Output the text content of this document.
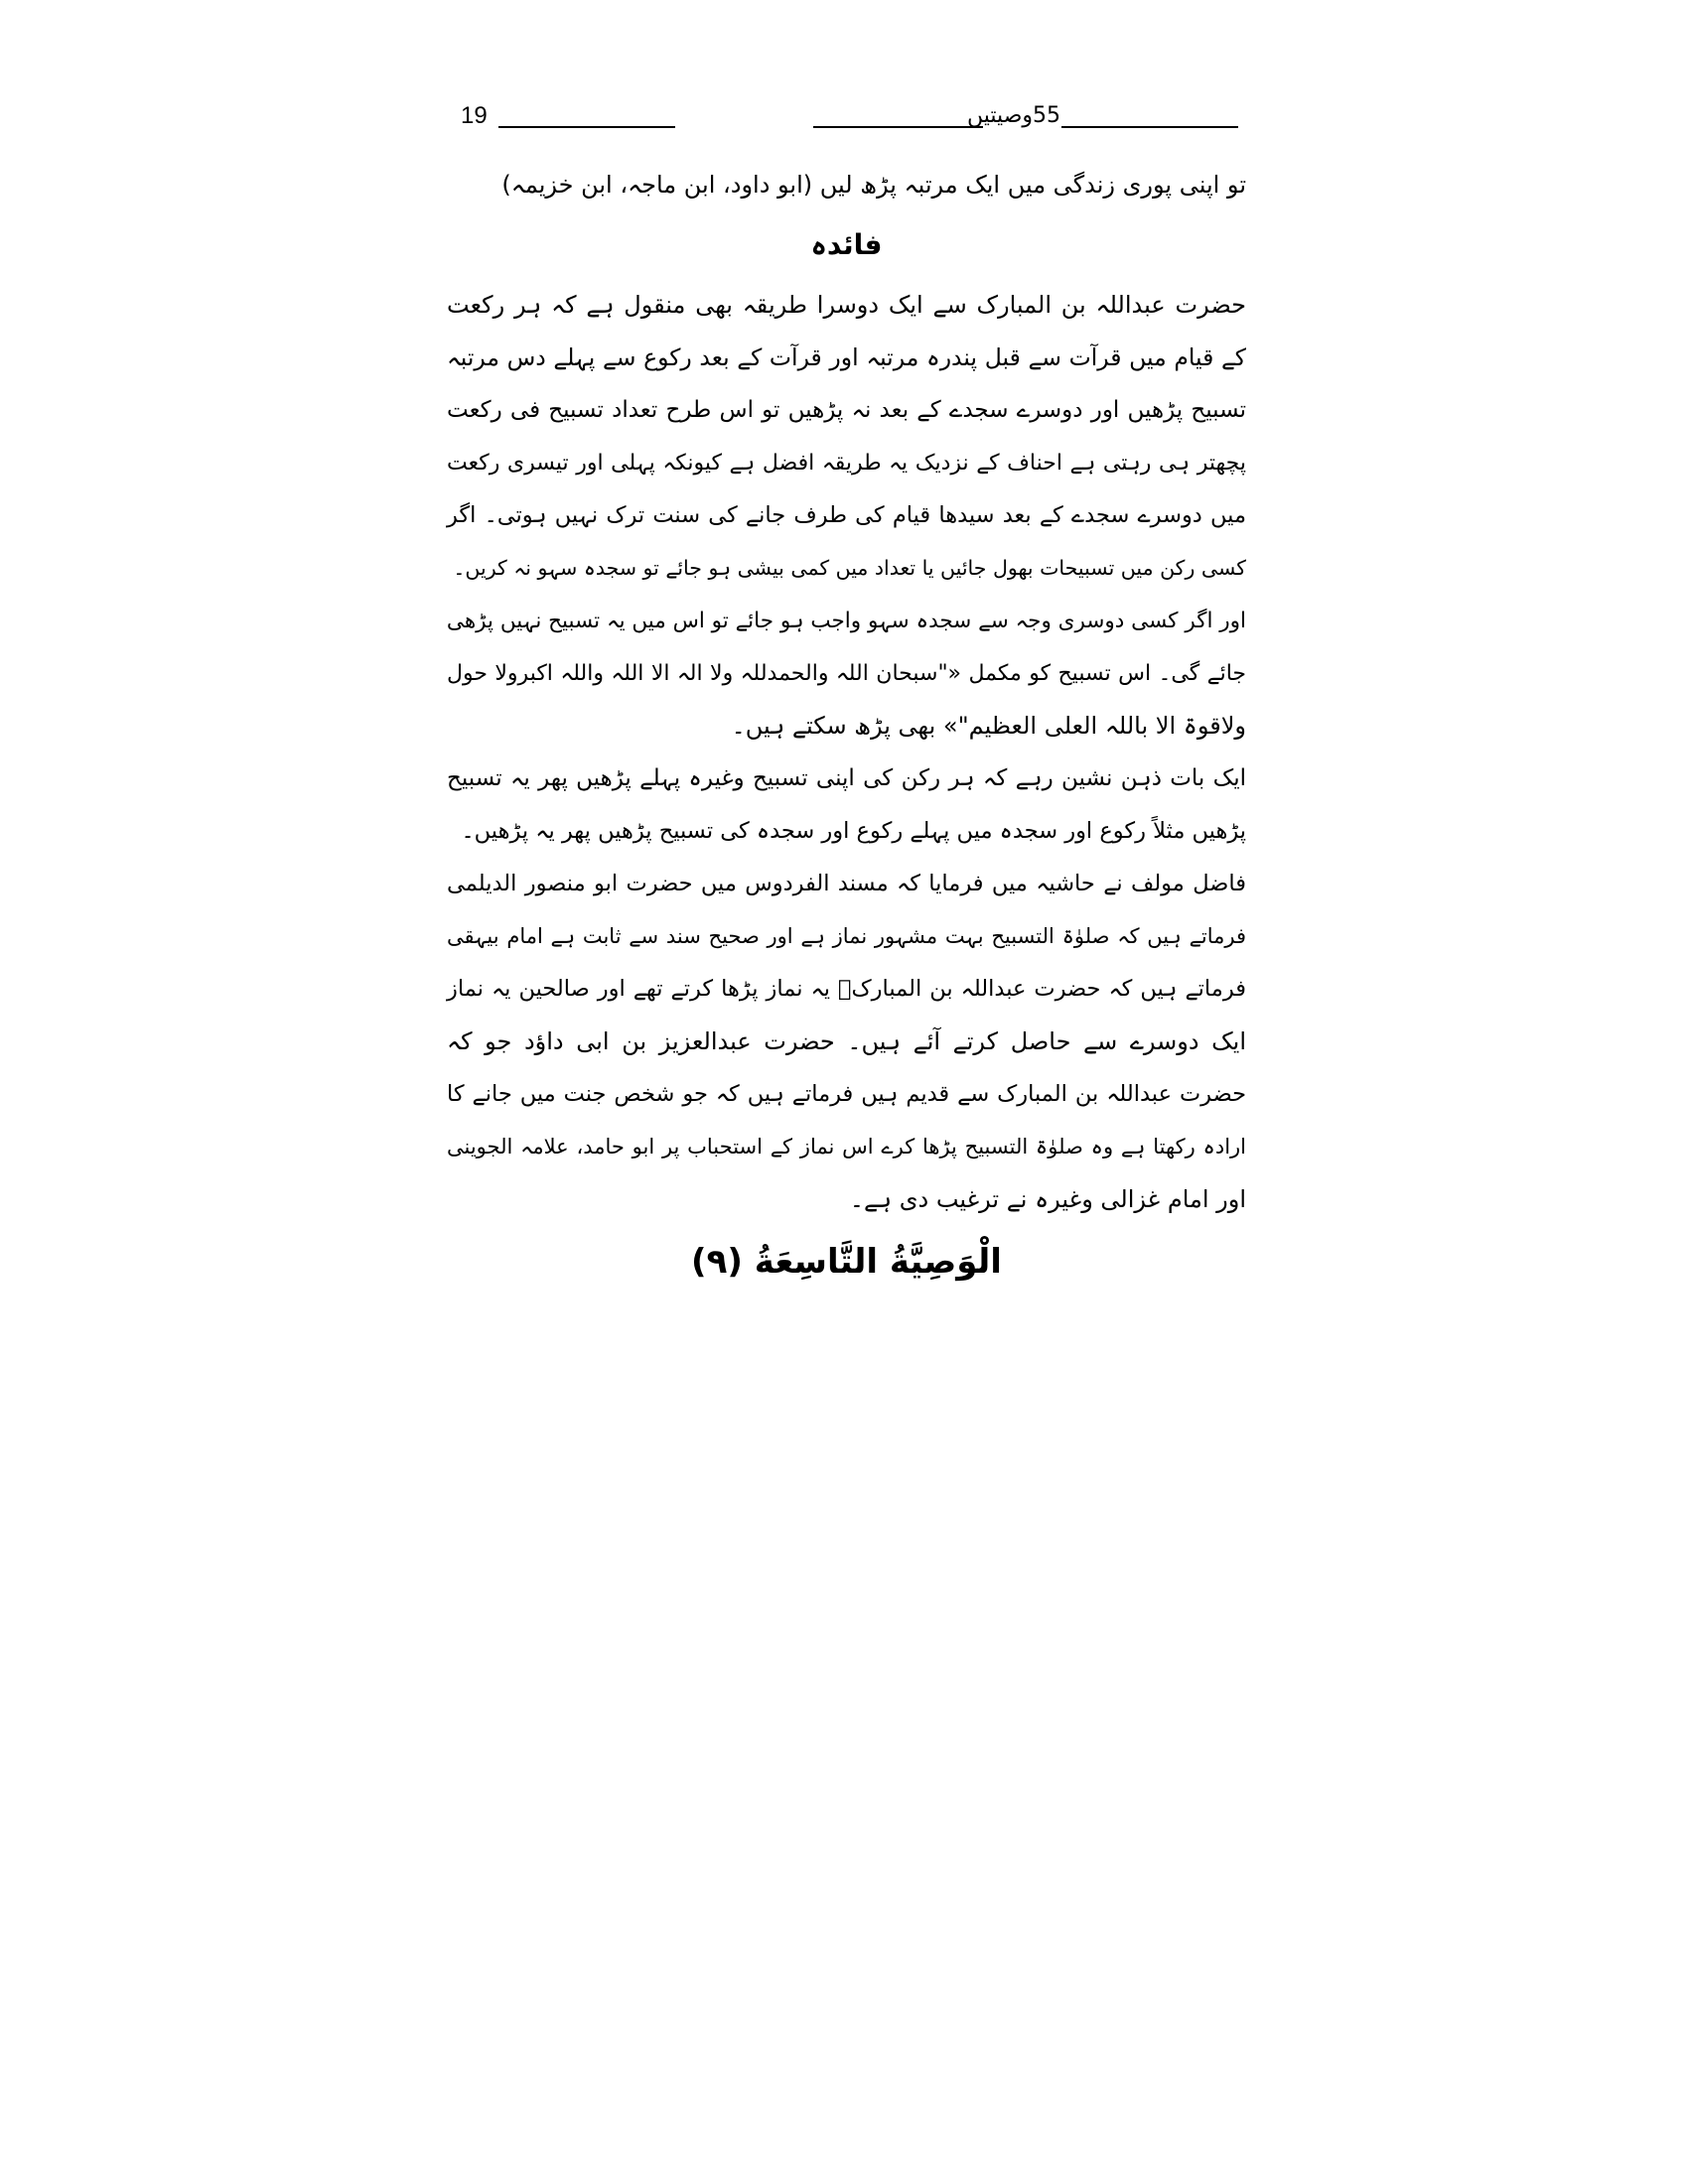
19	55وصیتیں
تو اپنی پوری زندگی میں ایک مرتبہ پڑھ لیں (ابو داود، ابن ماجہ، ابن خزیمہ)
فائدہ
حضرت عبداللہ بن المبارک سے ایک دوسرا طریقہ بھی منقول ہے کہ ہر رکعت
کے قیام میں قرآت سے قبل پندرہ مرتبہ اور قرآت کے بعد رکوع سے پہلے دس مرتبہ
تسبیح پڑھیں اور دوسرے سجدے کے بعد نہ پڑھیں تو اس طرح تعداد تسبیح فی رکعت
پچھتر ہی رہتی ہے احناف کے نزدیک یہ طریقہ افضل ہے کیونکہ پہلی اور تیسری رکعت
میں دوسرے سجدے کے بعد سیدھا قیام کی طرف جانے کی سنت ترک نہیں ہوتی۔ اگر
کسی رکن میں تسبیحات بھول جائیں یا تعداد میں کمی بیشی ہو جائے تو سجدہ سہو نہ کریں۔
اور اگر کسی دوسری وجہ سے سجدہ سہو واجب ہو جائے تو اس میں یہ تسبیح نہیں پڑھی
جائے گی۔ اس تسبیح کو مکمل «"سبحان اللہ والحمدللہ ولا الہ الا اللہ واللہ اکبرولا حول
ولاقوۃ الا باللہ العلی العظیم"» بھی پڑھ سکتے ہیں۔
ایک بات ذہن نشین رہے کہ ہر رکن کی اپنی تسبیح وغیرہ پہلے پڑھیں پھر یہ تسبیح
پڑھیں مثلاً رکوع اور سجدہ میں پہلے رکوع اور سجدہ کی تسبیح پڑھیں پھر یہ پڑھیں۔
فاضل مولف نے حاشیہ میں فرمایا کہ مسند الفردوس میں حضرت ابو منصور الدیلمی
فرماتے ہیں کہ صلوٰۃ التسبیح بہت مشہور نماز ہے اور صحیح سند سے ثابت ہے امام بیہقی
فرماتے ہیں کہ حضرت عبداللہ بن المبارکؒ یہ نماز پڑھا کرتے تھے اور صالحین یہ نماز
ایک دوسرے سے حاصل کرتے آئے ہیں۔ حضرت عبدالعزیز بن ابی داؤد جو کہ
حضرت عبداللہ بن المبارک سے قدیم ہیں فرماتے ہیں کہ جو شخص جنت میں جانے کا
ارادہ رکھتا ہے وہ صلوٰۃ التسبیح پڑھا کرے اس نماز کے استحباب پر ابو حامد، علامہ الجوینی
اور امام غزالی وغیرہ نے ترغیب دی ہے۔
الْوَصِيَّةُ التَّاسِعَةُ (٩)
